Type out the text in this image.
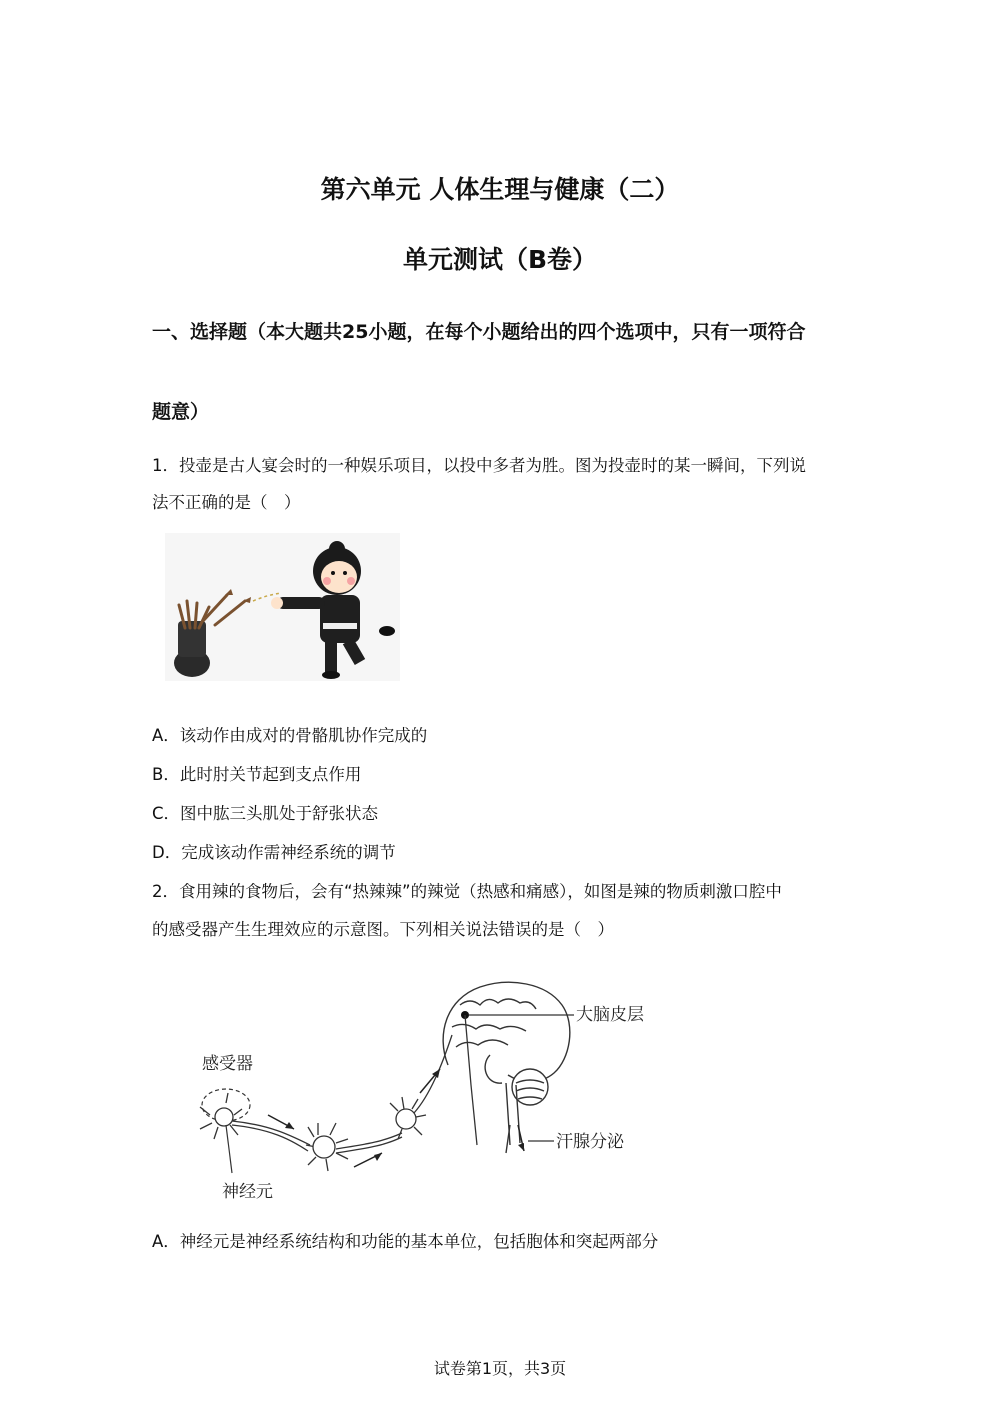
第六单元 人体生理与健康（二）
单元测试（B卷）
一、选择题（本大题共25小题，在每个小题给出的四个选项中，只有一项符合
题意）
1．投壶是古人宴会时的一种娱乐项目，以投中多者为胜。图为投壶时的某一瞬间，下列说
法不正确的是（　）
A．该动作由成对的骨骼肌协作完成的
B．此时肘关节起到支点作用
C．图中肱三头肌处于舒张状态
D．完成该动作需神经系统的调节
2．食用辣的食物后，会有“热辣辣”的辣觉（热感和痛感），如图是辣的物质刺激口腔中
的感受器产生生理效应的示意图。下列相关说法错误的是（　）
感受器
神经元
大脑皮层
汗腺分泌
A．神经元是神经系统结构和功能的基本单位，包括胞体和突起两部分
试卷第1页，共3页
